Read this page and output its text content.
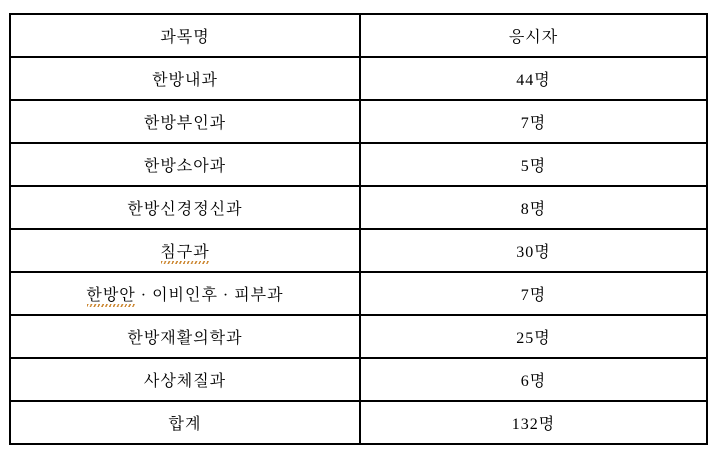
과목명	응시자
한방내과	44명
한방부인과	7명
한방소아과	5명
한방신경정신과	8명
침구과	30명
한방안 · 이비인후 · 피부과	7명
한방재활의학과	25명
사상체질과	6명
합계	132명
